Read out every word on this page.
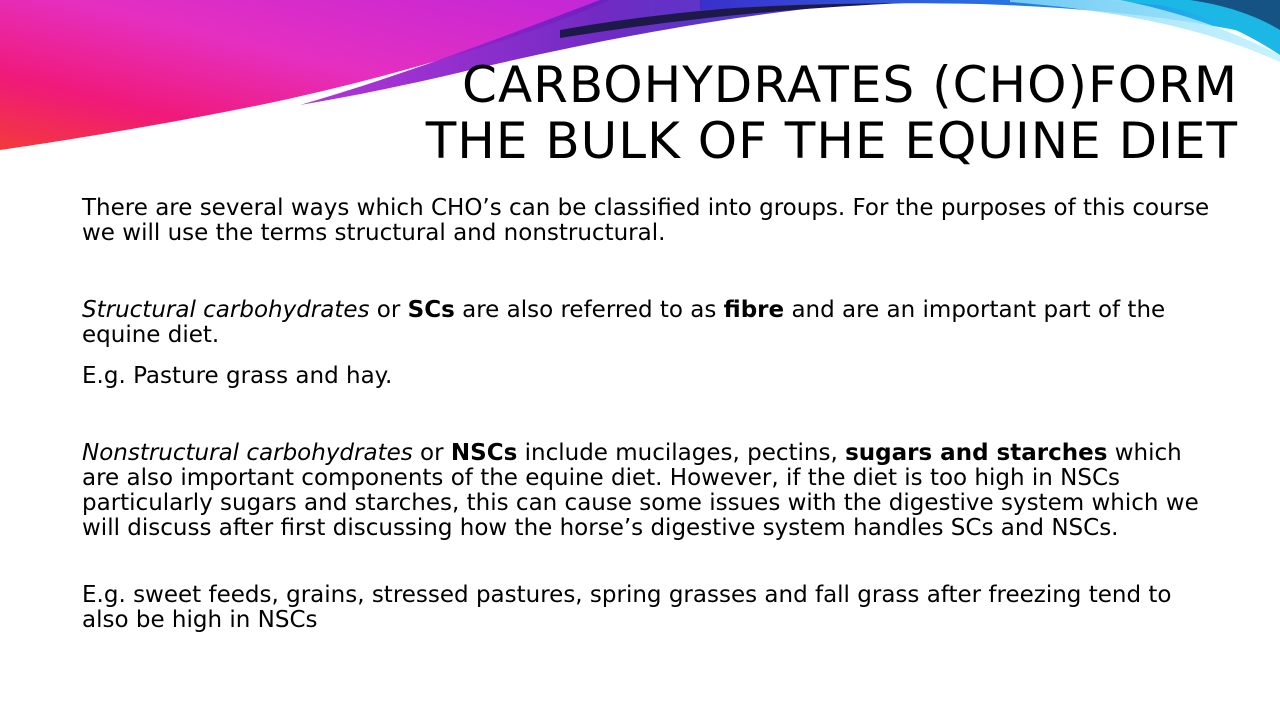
CARBOHYDRATES (CHO)FORM
THE BULK OF THE EQUINE DIET

There are several ways which CHO’s can be classified into groups. For the purposes of this course we will use the terms structural and nonstructural.

Structural carbohydrates or SCs are also referred to as fibre and are an important part of the equine diet.

E.g. Pasture grass and hay.

Nonstructural carbohydrates or NSCs include mucilages, pectins, sugars and starches which are also important components of the equine diet. However, if the diet is too high in NSCs particularly sugars and starches, this can cause some issues with the digestive system which we will discuss after first discussing how the horse’s digestive system handles SCs and NSCs.

E.g. sweet feeds, grains, stressed pastures, spring grasses and fall grass after freezing tend to also be high in NSCs
